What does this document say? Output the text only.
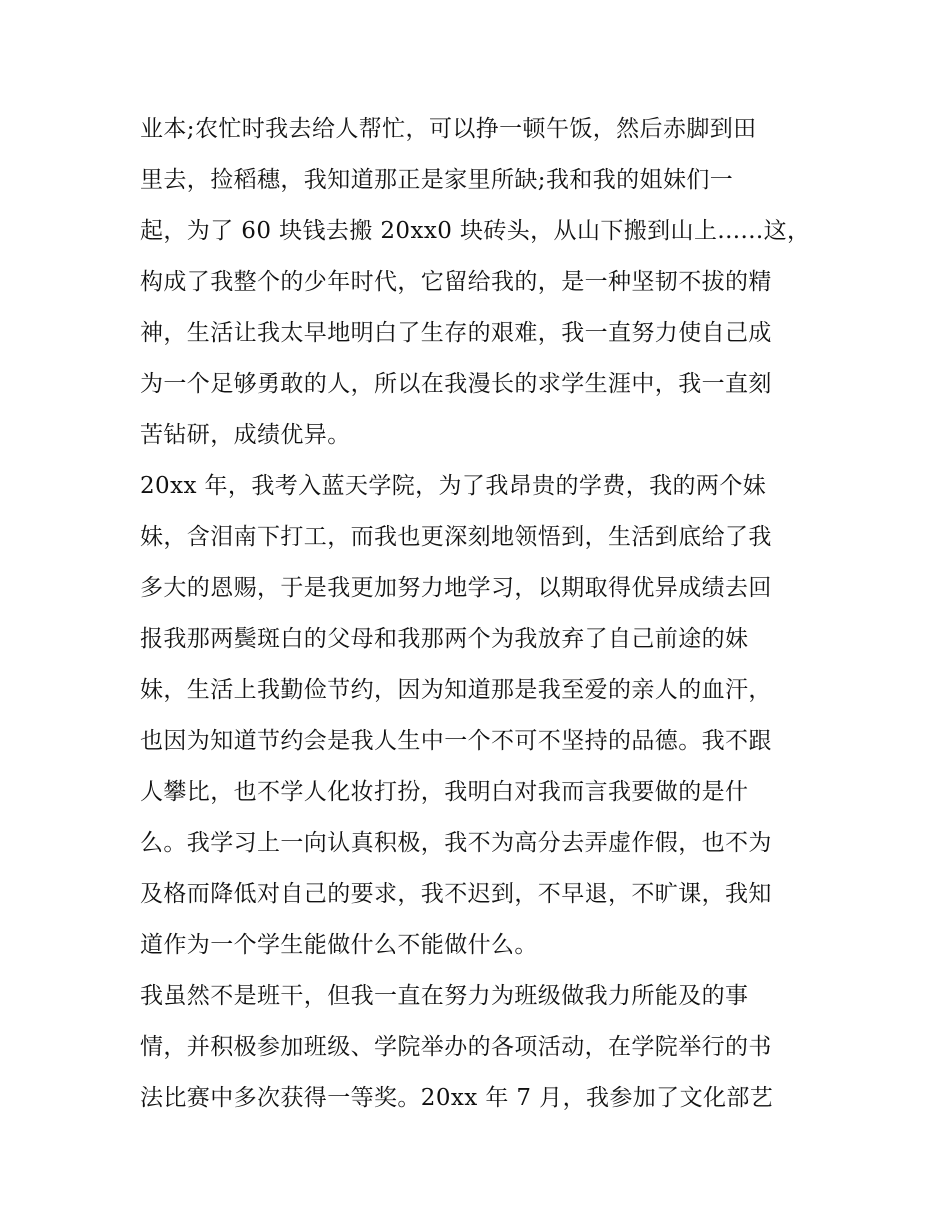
业本;农忙时我去给人帮忙，可以挣一顿午饭，然后赤脚到田
里去，捡稻穗，我知道那正是家里所缺;我和我的姐妹们一
起，为了 60 块钱去搬 20xx0 块砖头，从山下搬到山上......这，
构成了我整个的少年时代，它留给我的，是一种坚韧不拔的精
神，生活让我太早地明白了生存的艰难，我一直努力使自己成
为一个足够勇敢的人，所以在我漫长的求学生涯中，我一直刻
苦钻研，成绩优异。
20xx 年，我考入蓝天学院，为了我昂贵的学费，我的两个妹
妹，含泪南下打工，而我也更深刻地领悟到，生活到底给了我
多大的恩赐，于是我更加努力地学习，以期取得优异成绩去回
报我那两鬓斑白的父母和我那两个为我放弃了自己前途的妹
妹，生活上我勤俭节约，因为知道那是我至爱的亲人的血汗，
也因为知道节约会是我人生中一个不可不坚持的品德。我不跟
人攀比，也不学人化妆打扮，我明白对我而言我要做的是什
么。我学习上一向认真积极，我不为高分去弄虚作假，也不为
及格而降低对自己的要求，我不迟到，不早退，不旷课，我知
道作为一个学生能做什么不能做什么。
我虽然不是班干，但我一直在努力为班级做我力所能及的事
情，并积极参加班级、学院举办的各项活动，在学院举行的书
法比赛中多次获得一等奖。20xx 年 7 月，我参加了文化部艺
